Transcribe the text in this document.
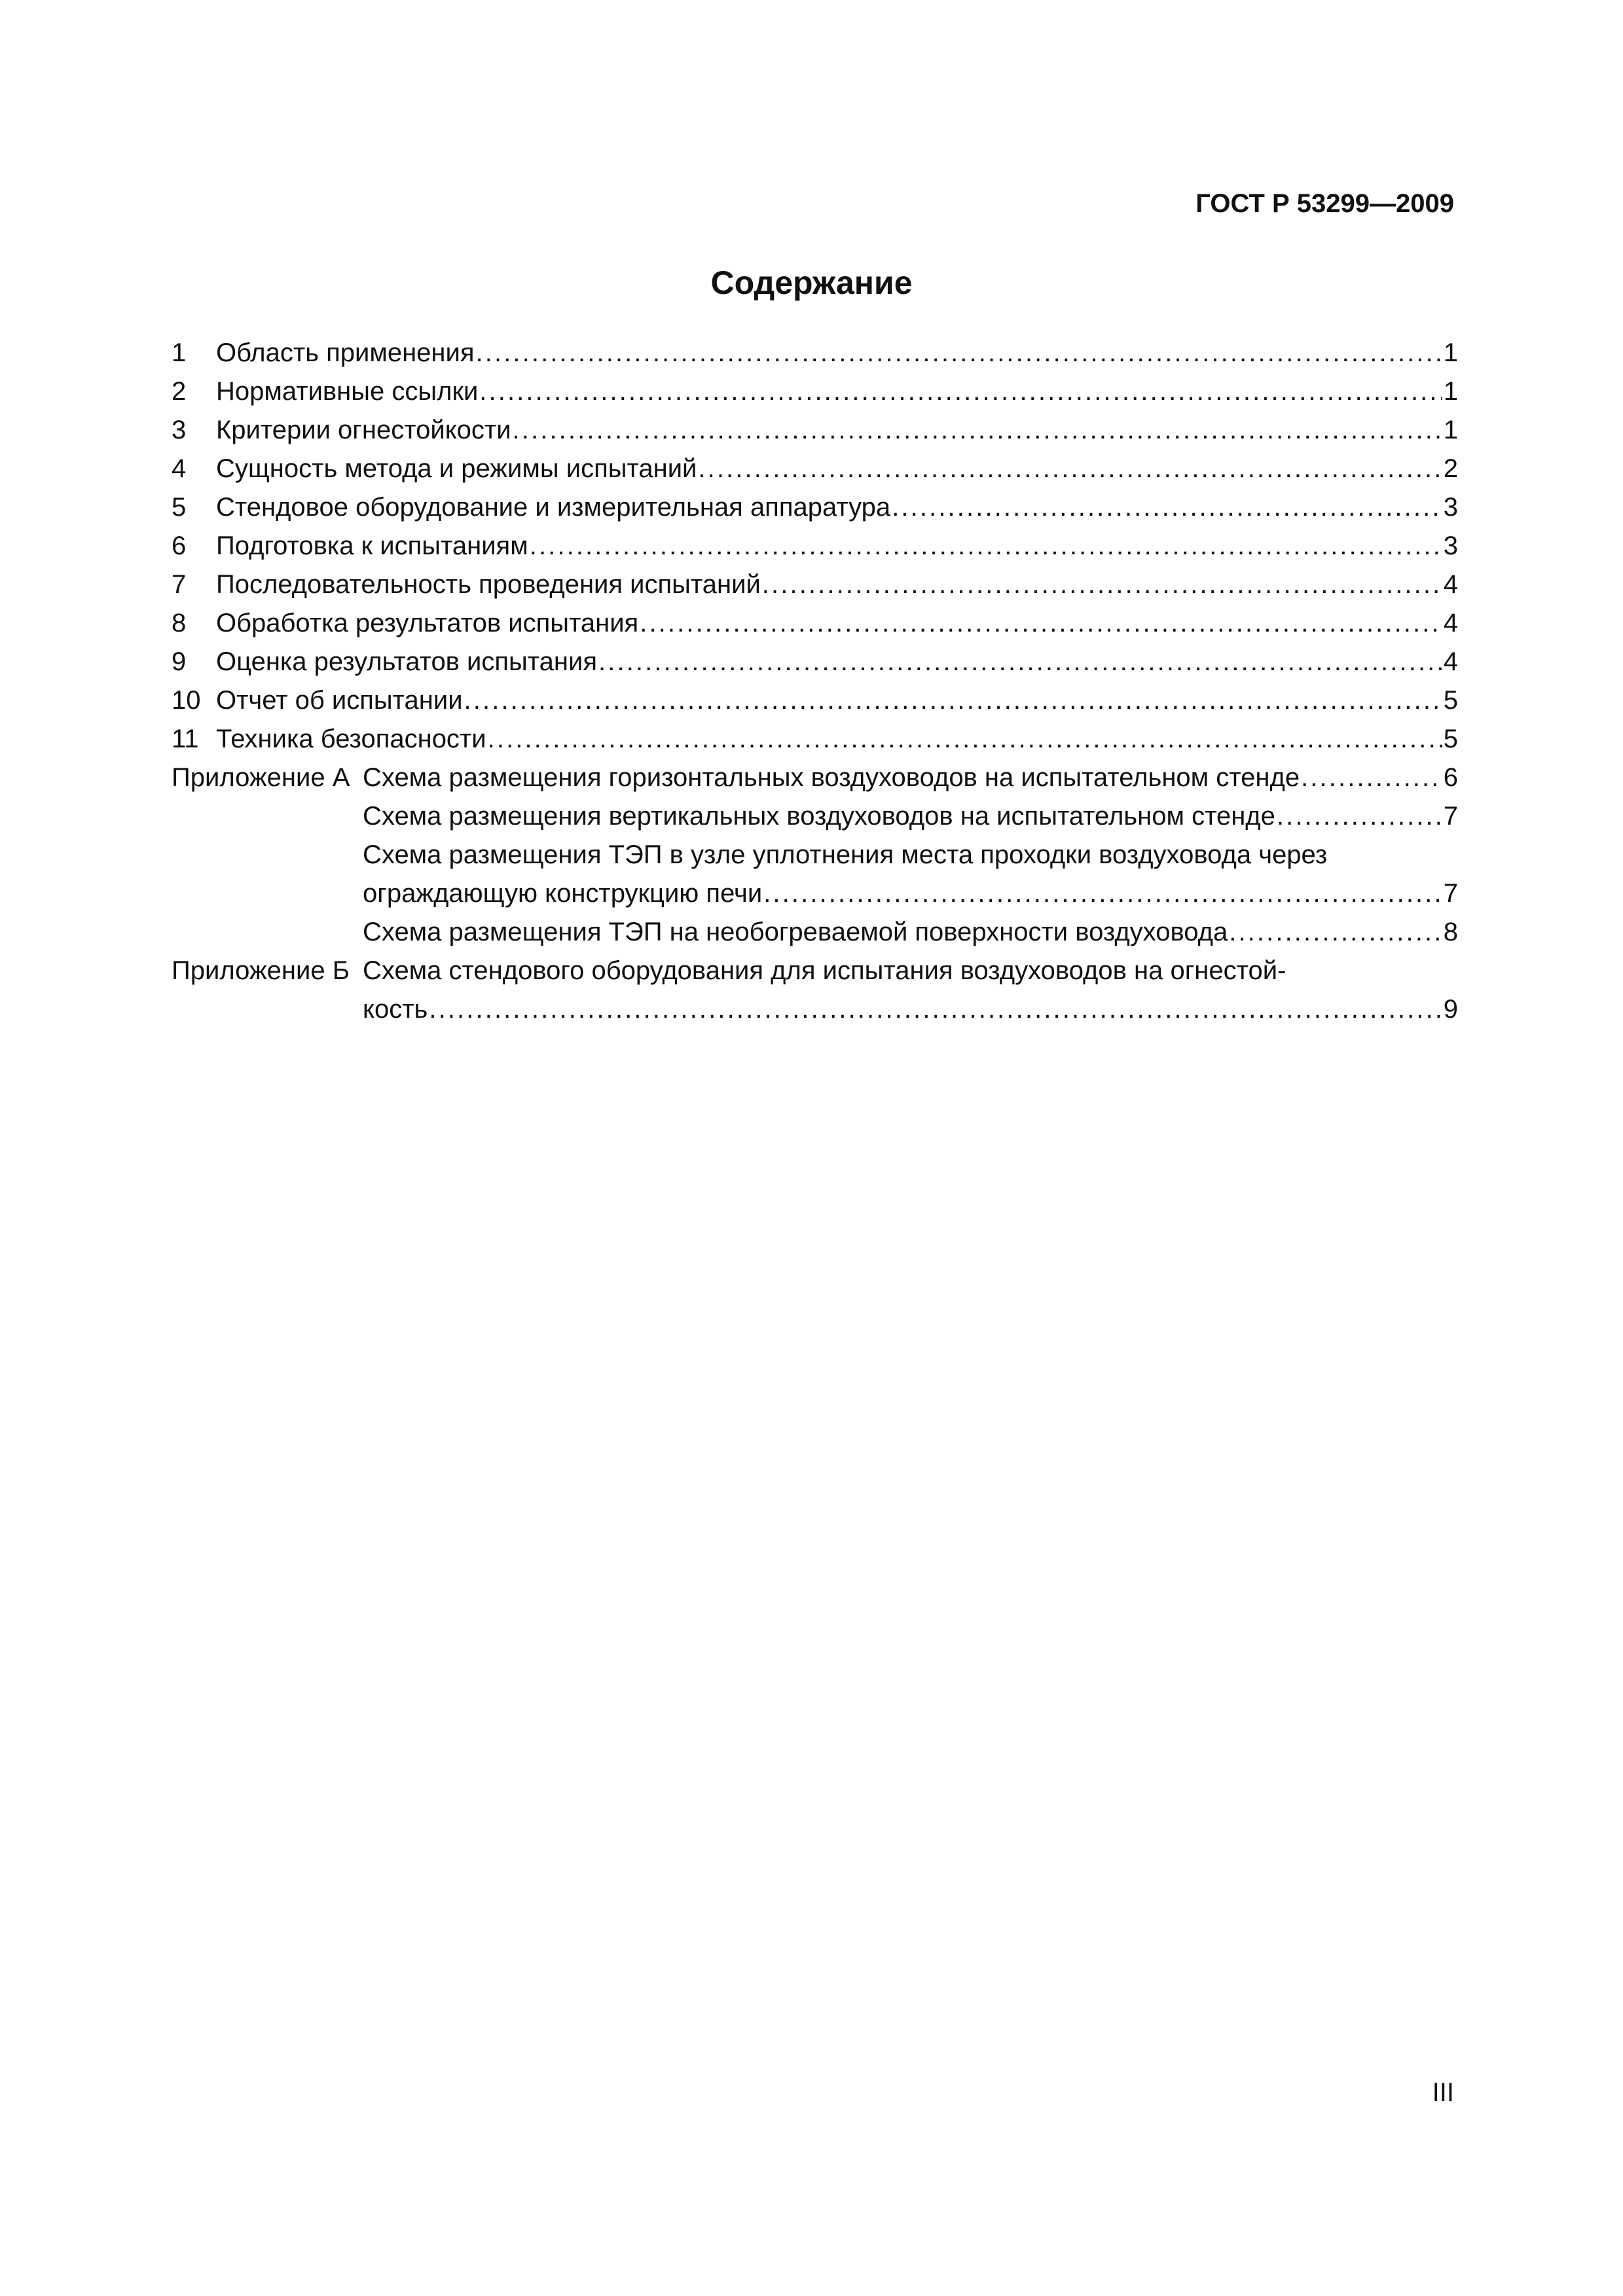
ГОСТ Р 53299—2009
Содержание
1	Область применения . . .	1
2	Нормативные ссылки . . .	1
3	Критерии огнестойкости . . .	1
4	Сущность метода и режимы испытаний . . .	2
5	Стендовое оборудование и измерительная аппаратура . . .	3
6	Подготовка к испытаниям . . .	3
7	Последовательность проведения испытаний . . .	4
8	Обработка результатов испытания . . .	4
9	Оценка результатов испытания . . .	4
10 Отчет об испытании . . .	5
11 Техника безопасности . . .	5
Приложение А Схема размещения горизонтальных воздуховодов на испытательном стенде . . .	6
Схема размещения вертикальных воздуховодов на испытательном стенде . . .	7
Схема размещения ТЭП в узле уплотнения места проходки воздуховода через
ограждающую конструкцию печи . . .	7
Схема размещения ТЭП на необогреваемой поверхности воздуховода . . .	8
Приложение Б Схема стендового оборудования для испытания воздуховодов на огнестой-
кость . . .	9
III
